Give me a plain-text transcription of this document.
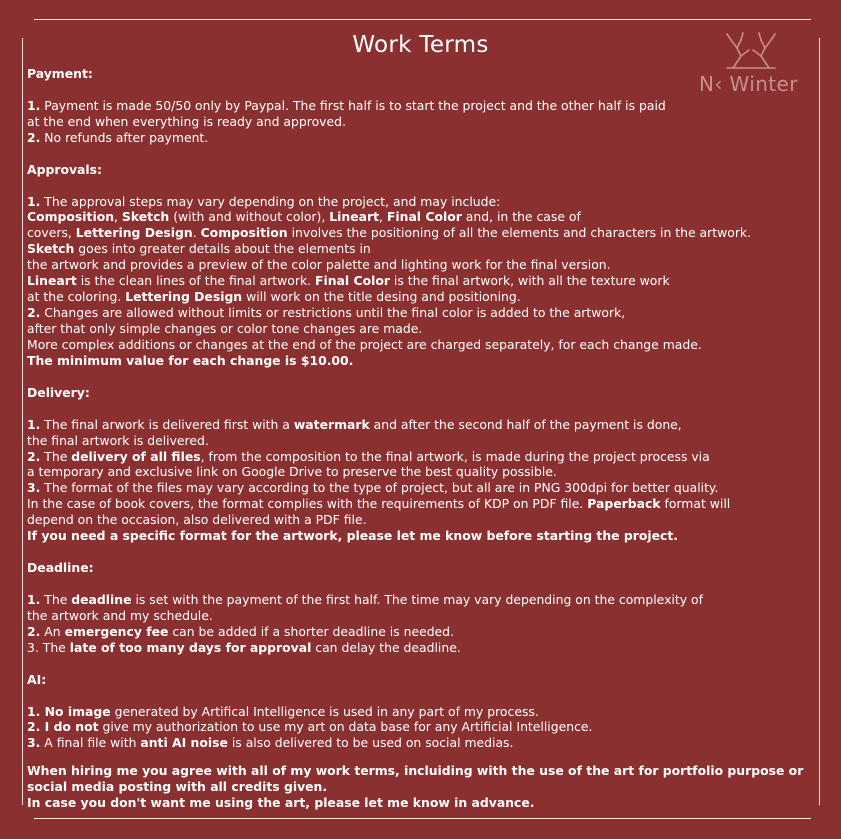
Work Terms
N‹ Winter
Payment:
1. Payment is made 50/50 only by Paypal. The first half is to start the project and the other half is paid
at the end when everything is ready and approved.
2. No refunds after payment.
Approvals:
1. The approval steps may vary depending on the project, and may include:
Composition, Sketch (with and without color), Lineart, Final Color and, in the case of
covers, Lettering Design. Composition involves the positioning of all the elements and characters in the artwork.
Sketch goes into greater details about the elements in
the artwork and provides a preview of the color palette and lighting work for the final version.
Lineart is the clean lines of the final artwork. Final Color is the final artwork, with all the texture work
at the coloring. Lettering Design will work on the title desing and positioning.
2. Changes are allowed without limits or restrictions until the final color is added to the artwork,
after that only simple changes or color tone changes are made.
More complex additions or changes at the end of the project are charged separately, for each change made.
The minimum value for each change is $10.00.
Delivery:
1. The final arwork is delivered first with a watermark and after the second half of the payment is done,
the final artwork is delivered.
2. The delivery of all files, from the composition to the final artwork, is made during the project process via
a temporary and exclusive link on Google Drive to preserve the best quality possible.
3. The format of the files may vary according to the type of project, but all are in PNG 300dpi for better quality.
In the case of book covers, the format complies with the requirements of KDP on PDF file. Paperback format will
depend on the occasion, also delivered with a PDF file.
If you need a specific format for the artwork, please let me know before starting the project.
Deadline:
1. The deadline is set with the payment of the first half. The time may vary depending on the complexity of
the artwork and my schedule.
2. An emergency fee can be added if a shorter deadline is needed.
3. The late of too many days for approval can delay the deadline.
AI:
1. No image generated by Artifical Intelligence is used in any part of my process.
2. I do not give my authorization to use my art on data base for any Artificial Intelligence.
3. A final file with anti AI noise is also delivered to be used on social medias.
When hiring me you agree with all of my work terms, incluiding with the use of the art for portfolio purpose or
social media posting with all credits given.
In case you don't want me using the art, please let me know in advance.
